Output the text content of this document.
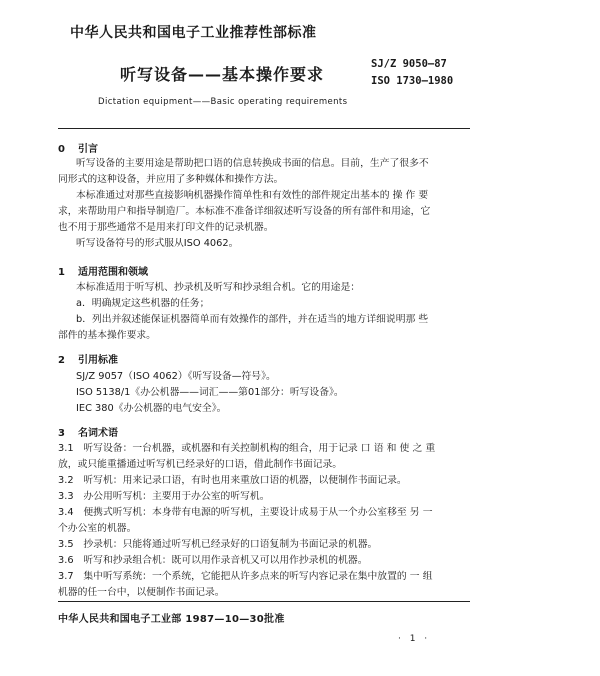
中华人民共和国电子工业推荐性部标准
听写设备——基本操作要求
SJ/Z 9050—87
ISO 1730—1980
Dictation equipment——Basic operating requirements
0 引言
听写设备的主要用途是帮助把口语的信息转换成书面的信息。目前，生产了很多不
同形式的这种设备，并应用了多种媒体和操作方法。
本标准通过对那些直接影响机器操作简单性和有效性的部件规定出基本的 操 作 要
求，来帮助用户和指导制造厂。本标准不准备详细叙述听写设备的所有部件和用途，它
也不用于那些通常不是用来打印文件的记录机器。
听写设备符号的形式服从ISO 4062。
1 适用范围和领域
本标准适用于听写机、抄录机及听写和抄录组合机。它的用途是：
a．明确规定这些机器的任务；
b．列出并叙述能保证机器简单而有效操作的部件，并在适当的地方详细说明那 些
部件的基本操作要求。
2 引用标准
SJ/Z 9057（ISO 4062）《听写设备—符号》。
ISO 5138/1《办公机器——词汇——第01部分：听写设备》。
IEC 380《办公机器的电气安全》。
3 名词术语
3.1　听写设备：一台机器，或机器和有关控制机构的组合，用于记录 口 语 和 使 之 重
放，或只能重播通过听写机已经录好的口语，借此制作书面记录。
3.2　听写机：用来记录口语，有时也用来重放口语的机器，以便制作书面记录。
3.3　办公用听写机：主要用于办公室的听写机。
3.4　便携式听写机：本身带有电源的听写机，主要设计成易于从一个办公室移至 另 一
个办公室的机器。
3.5　抄录机：只能将通过听写机已经录好的口语复制为书面记录的机器。
3.6　听写和抄录组合机：既可以用作录音机又可以用作抄录机的机器。
3.7　集中听写系统：一个系统，它能把从许多点来的听写内容记录在集中放置的 一 组
机器的任一台中，以便制作书面记录。
中华人民共和国电子工业部 1987—10—30批准
· 1 ·
